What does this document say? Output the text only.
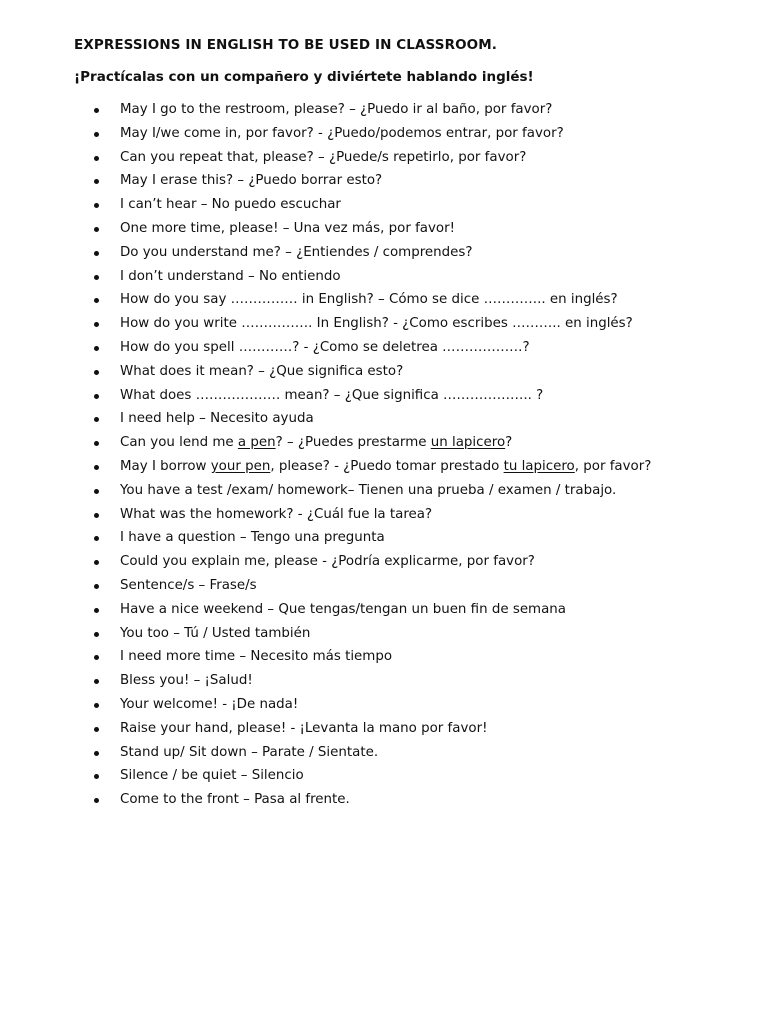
EXPRESSIONS IN ENGLISH TO BE USED IN CLASSROOM.

¡Practícalas con un compañero y diviértete hablando inglés!

May I go to the restroom, please? – ¿Puedo ir al baño, por favor?
May I/we come in, por favor? - ¿Puedo/podemos entrar, por favor?
Can you repeat that, please? – ¿Puede/s repetirlo, por favor?
May I erase this? – ¿Puedo borrar esto?
I can’t hear – No puedo escuchar
One more time, please! – Una vez más, por favor!
Do you understand me? – ¿Entiendes / comprendes?
I don’t understand – No entiendo
How do you say …………… in English? – Cómo se dice ………….. en inglés?
How do you write ……………. In English? - ¿Como escribes ……….. en inglés?
How do you spell …………? - ¿Como se deletrea ………………?
What does it mean? – ¿Que significa esto?
What does ………………. mean? – ¿Que significa ……………….. ?
I need help – Necesito ayuda
Can you lend me a pen? – ¿Puedes prestarme un lapicero?
May I borrow your pen, please? - ¿Puedo tomar prestado tu lapicero, por favor?
You have a test /exam/ homework– Tienen una prueba / examen / trabajo.
What was the homework? - ¿Cuál fue la tarea?
I have a question – Tengo una pregunta
Could you explain me, please - ¿Podría explicarme, por favor?
Sentence/s – Frase/s
Have a nice weekend – Que tengas/tengan un buen fin de semana
You too – Tú / Usted también
I need more time – Necesito más tiempo
Bless you! – ¡Salud!
Your welcome! - ¡De nada!
Raise your hand, please! - ¡Levanta la mano por favor!
Stand up/ Sit down – Parate / Sientate.
Silence / be quiet – Silencio
Come to the front – Pasa al frente.
